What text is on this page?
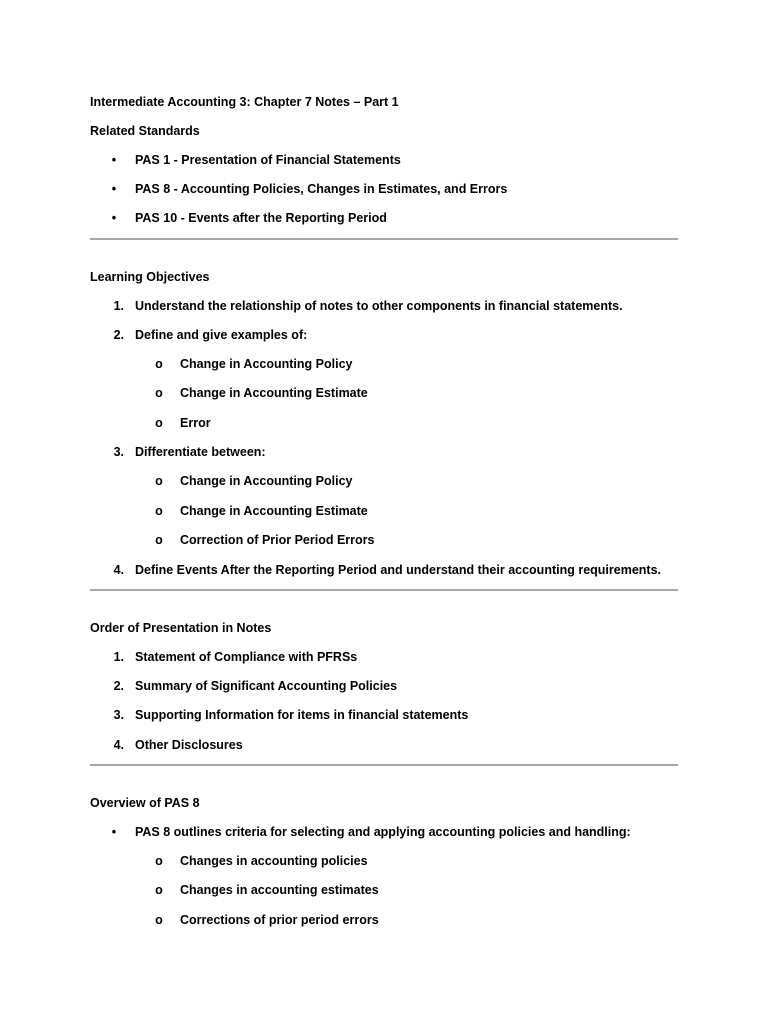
Intermediate Accounting 3: Chapter 7 Notes – Part 1
Related Standards
•	PAS 1 - Presentation of Financial Statements
•	PAS 8 - Accounting Policies, Changes in Estimates, and Errors
•	PAS 10 - Events after the Reporting Period
Learning Objectives
1. Understand the relationship of notes to other components in financial statements.
2. Define and give examples of:
o Change in Accounting Policy
o Change in Accounting Estimate
o Error
3. Differentiate between:
o Change in Accounting Policy
o Change in Accounting Estimate
o Correction of Prior Period Errors
4. Define Events After the Reporting Period and understand their accounting requirements.
Order of Presentation in Notes
1. Statement of Compliance with PFRSs
2. Summary of Significant Accounting Policies
3. Supporting Information for items in financial statements
4. Other Disclosures
Overview of PAS 8
•	PAS 8 outlines criteria for selecting and applying accounting policies and handling:
o Changes in accounting policies
o Changes in accounting estimates
o Corrections of prior period errors
